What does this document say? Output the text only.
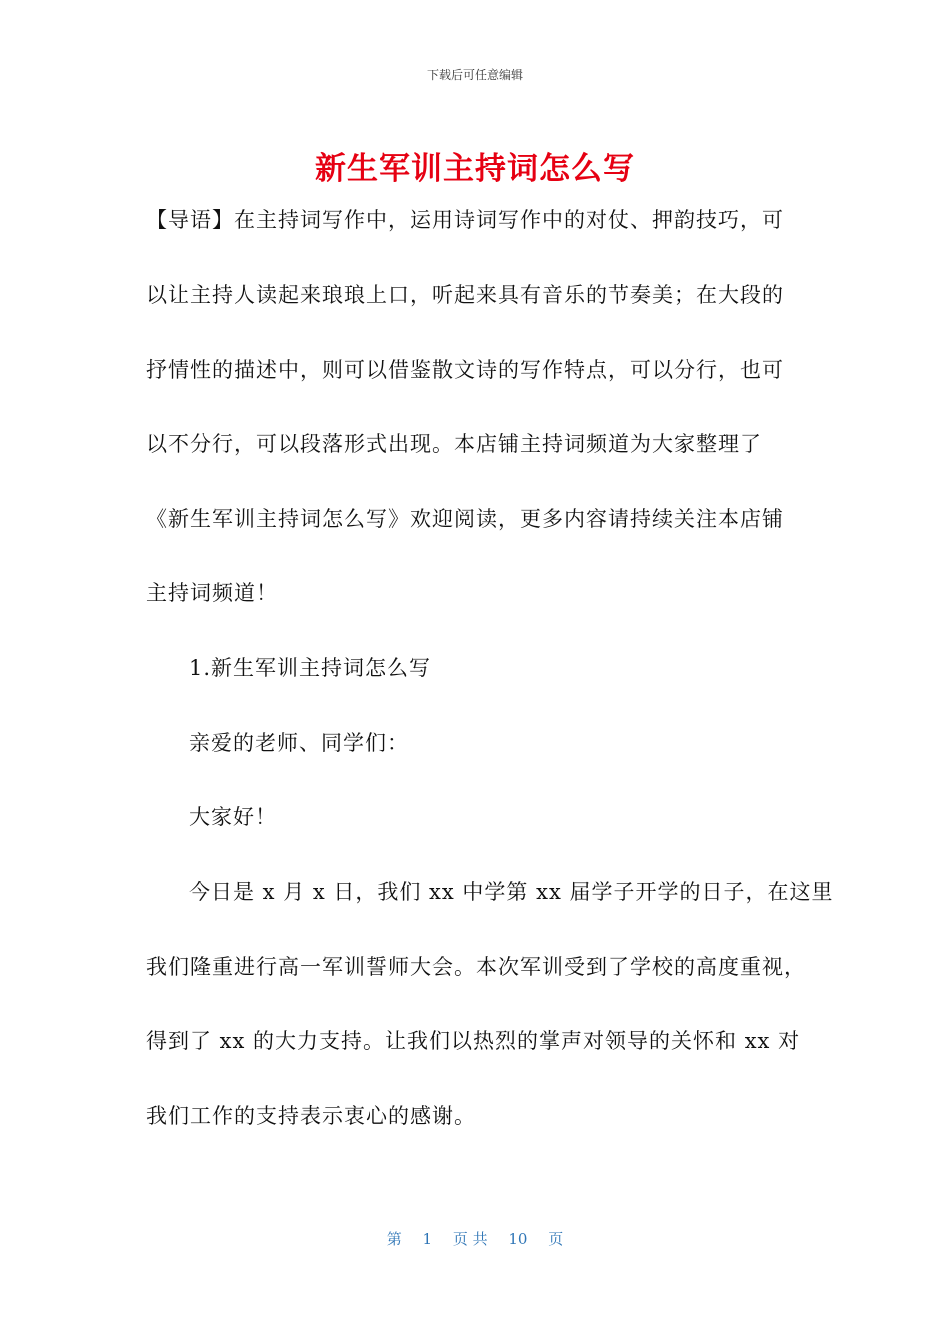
下载后可任意编辑
新生军训主持词怎么写
【导语】在主持词写作中，运用诗词写作中的对仗、押韵技巧，可
以让主持人读起来琅琅上口，听起来具有音乐的节奏美；在大段的
抒情性的描述中，则可以借鉴散文诗的写作特点，可以分行，也可
以不分行，可以段落形式出现。本店铺主持词频道为大家整理了
《新生军训主持词怎么写》欢迎阅读，更多内容请持续关注本店铺
主持词频道！
1.新生军训主持词怎么写
亲爱的老师、同学们：
大家好！
今日是 x 月 x 日，我们 xx 中学第 xx 届学子开学的日子，在这里
我们隆重进行高一军训誓师大会。本次军训受到了学校的高度重视，
得到了 xx 的大力支持。让我们以热烈的掌声对领导的关怀和 xx 对
我们工作的支持表示衷心的感谢。
第 1 页 共 10 页
